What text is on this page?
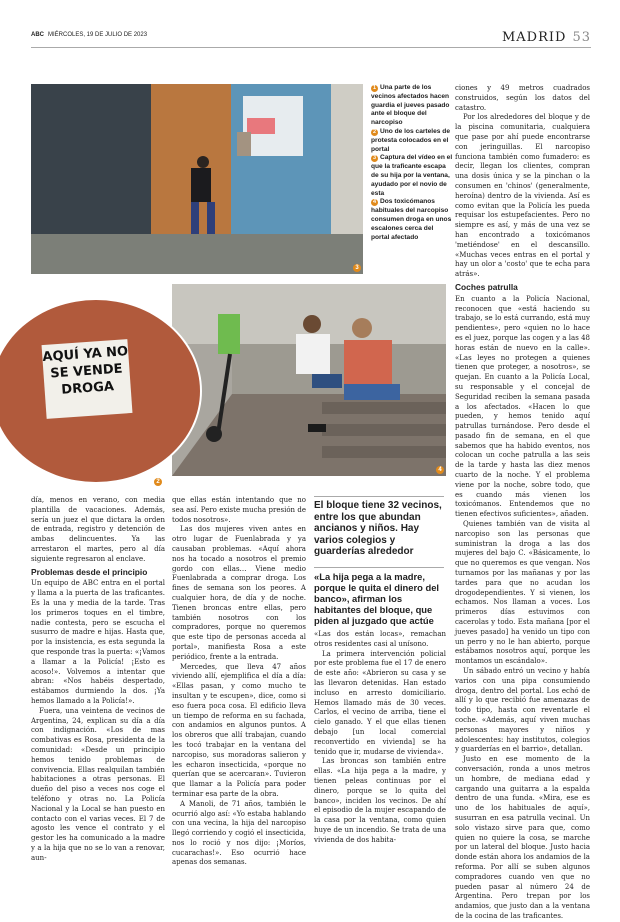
ABC MIÉRCOLES, 19 DE JULIO DE 2023	MADRID 53
3
4
AQUÍ YA NO SE VENDE DROGA
2

1 Una parte de los vecinos afectados hacen guardia el jueves pasado ante el bloque del narcopiso

2 Uno de los carteles de protesta colocados en el portal

3 Captura del vídeo en el que la traficante escapa de su hija por la ventana, ayudado por el novio de esta

4 Dos toxicómanos habituales del narcopiso consumen droga en unos escalones cerca del portal afectado

día, menos en verano, con media plantilla de vacaciones. Además, sería un juez el que dictara la orden de entrada, registro y detención de ambas delincuentes. Ya las arrestaron el martes, pero al día siguiente regresaron al enclave.

Problemas desde el principio

Un equipo de ABC entra en el portal y llama a la puerta de las traficantes. Es la una y media de la tarde. Tras los primeros toques en el timbre, nadie contesta, pero se escucha el susurro de madre e hijas. Hasta que, por la insistencia, es esta segunda la que responde tras la puerta: «¡Vamos a llamar a la Policía! ¡Esto es acoso!». Volvemos a intentar que abran: «Nos habéis despertado, estábamos durmiendo la dos. ¡Ya hemos llamado a la Policía!».

Fuera, una veintena de vecinos de Argentina, 24, explican su día a día con indignación. «Los de mas combativas es Rosa, presidenta de la comunidad: «Desde un principio hemos tenido problemas de convivencia. Ellas realquilan también habitaciones a otras personas. El dueño del piso a veces nos coge el teléfono y otras no. La Policía Nacional y la Local se han puesto en contacto con el varias veces. El 7 de agosto les vence el contrato y el gestor les ha comunicado a la madre y a la hija que no se lo van a renovar, aun-

que ellas están intentando que no sea así. Pero existe mucha presión de todos nosotros».

Las dos mujeres viven antes en otro lugar de Fuenlabrada y ya causaban problemas. «Aquí ahora nos ha tocado a nosotros el premio gordo con ellas… Viene medio Fuenlabrada a comprar droga. Los fines de semana son los peores. A cualquier hora, de día y de noche. Tienen broncas entre ellas, pero también nosotros con los compradores, porque no queremos que este tipo de personas acceda al portal», manifiesta Rosa a este periódico, frente a la entrada.

Mercedes, que lleva 47 años viviendo allí, ejemplifica el día a día: «Ellas pasan, y como mucho te insultan y te escupen», dice, como si eso fuera poca cosa. El edificio lleva un tiempo de reforma en su fachada, con andamios en algunos puntos. A los obreros que allí trabajan, cuando les tocó trabajar en la ventana del narcopiso, sus moradoras salieron y les echaron insecticida, «porque no querían que se acercaran». Tuvieron que llamar a la Policía para poder terminar esa parte de la obra.

A Manoli, de 71 años, también le ocurrió algo así: «Yo estaba hablando con una vecina, la hija del narcopiso llegó corriendo y cogió el insecticida, nos lo roció y nos dijo: ¡Moríos, cucarachas!». Eso ocurrió hace apenas dos semanas.

El bloque tiene 32 vecinos, entre los que abundan ancianos y niños. Hay varios colegios y guarderías alrededor
«La hija pega a la madre, porque le quita el dinero del banco», afirman los habitantes del bloque, que piden al juzgado que actúe

«Las dos están locas», remachan otros residentes casi al unísono.

La primera intervención policial por este problema fue el 17 de enero de este año: «Abrieron su casa y se las llevaron detenidas. Han estado incluso en arresto domiciliario. Hemos llamado más de 30 veces. Carlos, el vecino de arriba, tiene el cielo ganado. Y el que ellas tienen debajo [un local comercial reconvertido en vivienda] se ha tenido que ir, mudarse de vivienda».

Las broncas son también entre ellas. «La hija pega a la madre, y tienen peleas continuas por el dinero, porque se lo quita del banco», inciden los vecinos. De ahí el episodio de la mujer escapando de la casa por la ventana, como quien huye de un incendio. Se trata de una vivienda de dos habita-

ciones y 49 metros cuadrados construidos, según los datos del catastro.

Por los alrededores del bloque y de la piscina comunitaria, cualquiera que pase por ahí puede encontrarse con jeringuillas. El narcopiso funciona también como fumadero: es decir, llegan los clientes, compran una dosis única y se la pinchan o la consumen en 'chinos' (generalmente, heroína) dentro de la vivienda. Así es como evitan que la Policía les pueda requisar los estupefacientes. Pero no siempre es así, y más de una vez se han encontrado a toxicómanos 'metiéndose' en el descansillo. «Muchas veces entras en el portal y hay un olor a 'costo' que te echa para atrás».

Coches patrulla

En cuanto a la Policía Nacional, reconocen que «está haciendo su trabajo, se lo está currando, está muy pendientes», pero «quien no lo hace es el juez, porque las cogen y a las 48 horas están de nuevo en la calle». «Las leyes no protegen a quienes tienen que proteger, a nosotros», se quejan. En cuanto a la Policía Local, su responsable y el concejal de Seguridad reciben la semana pasada a los afectados. «Hacen lo que pueden, y hemos tenido aquí patrullas turnándose. Pero desde el pasado fin de semana, en el que sabemos que ha habido eventos, nos colocan un coche patrulla a las seis de la tarde y hasta las diez menos cuarto de la noche. Y el problema viene por la noche, sobre todo, que es cuando más vienen los toxicómanos. Entendemos que no tienen efectivos suficientes», añaden.

Quienes también van de visita al narcopiso son las personas que suministran la droga a las dos mujeres del bajo C. «Básicamente, lo que no queremos es que vengan. Nos turnamos por las mañanas y por las tardes para que no acudan los drogodependientes. Y si vienen, los echamos. Nos llaman a voces. Los primeros días estuvimos con cacerolas y todo. Esta mañana [por el jueves pasado] ha venido un tipo con un perro y no le han abierto, porque estábamos nosotros aquí, porque les montamos un escándalo».

Un sábado entró un vecino y había varios con una pipa consumiendo droga, dentro del portal. Los echó de allí y lo que recibió fue amenazas de todo tipo, hasta con reventarle el coche. «Además, aquí viven muchas personas mayores y niños y adolescentes: hay institutos, colegios y guarderías en el barrio», detallan.

Justo en ese momento de la conversación, ronda a unos metros un hombre, de mediana edad y cargando una guitarra a la espalda dentro de una funda. «Mira, ese es uno de los habituales de aquí», susurran en esa patrulla vecinal. Un solo vistazo sirve para que, como quien no quiere la cosa, se marche por un lateral del bloque. Justo hacia donde están ahora los andamios de la reforma. Por allí se suben algunos compradores cuando ven que no pueden pasar al número 24 de Argentina. Pero trepan por los andamios, que justo dan a la ventana de la cocina de las traficantes.
